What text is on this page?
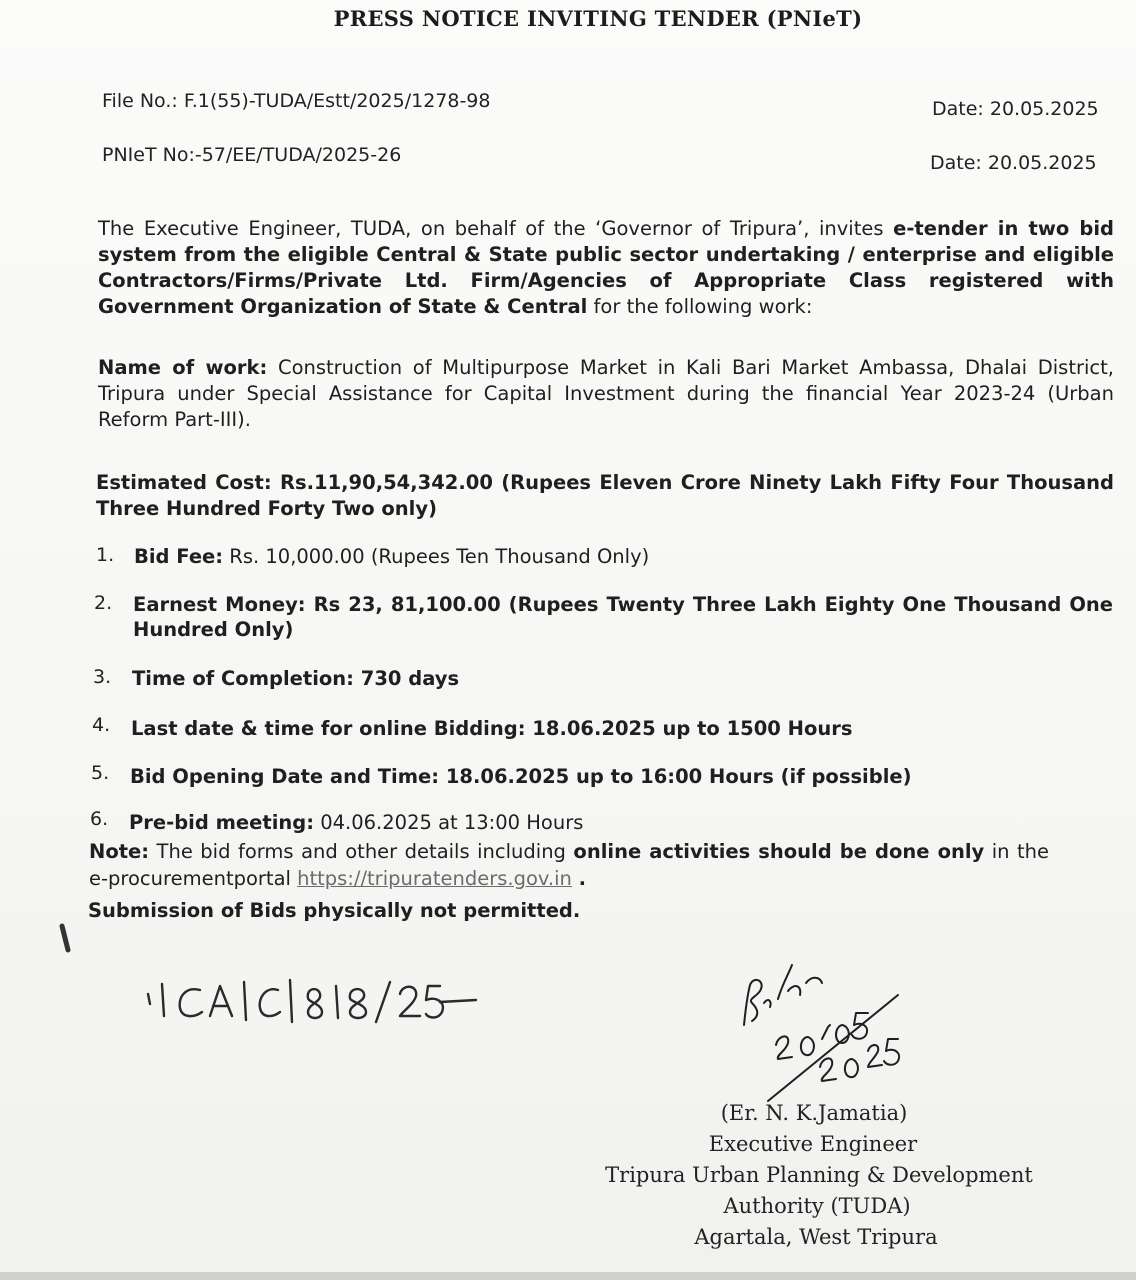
PRESS NOTICE INVITING TENDER (PNIeT)
File No.: F.1(55)-TUDA/Estt/2025/1278-98	Date: 20.05.2025
PNIeT No:-57/EE/TUDA/2025-26	Date: 20.05.2025
The Executive Engineer, TUDA, on behalf of the ‘Governor of Tripura’, invites e-tender in two bid system from the eligible Central & State public sector undertaking / enterprise and eligible Contractors/Firms/Private Ltd. Firm/Agencies of Appropriate Class registered with Government Organization of State & Central for the following work:
Name of work: Construction of Multipurpose Market in Kali Bari Market Ambassa, Dhalai District, Tripura under Special Assistance for Capital Investment during the financial Year 2023-24 (Urban Reform Part-III).
Estimated Cost: Rs.11,90,54,342.00 (Rupees Eleven Crore Ninety Lakh Fifty Four Thousand Three Hundred Forty Two only)
1. Bid Fee: Rs. 10,000.00 (Rupees Ten Thousand Only)
2. Earnest Money: Rs 23, 81,100.00 (Rupees Twenty Three Lakh Eighty One Thousand One Hundred Only)
3. Time of Completion: 730 days
4. Last date & time for online Bidding: 18.06.2025 up to 1500 Hours
5. Bid Opening Date and Time: 18.06.2025 up to 16:00 Hours (if possible)
6. Pre-bid meeting: 04.06.2025 at 13:00 Hours
Note: The bid forms and other details including online activities should be done only in the e-procurementportal https://tripuratenders.gov.in .
Submission of Bids physically not permitted.
(Er. N. K.Jamatia)
Executive Engineer
Tripura Urban Planning & Development
Authority (TUDA)
Agartala, West Tripura
